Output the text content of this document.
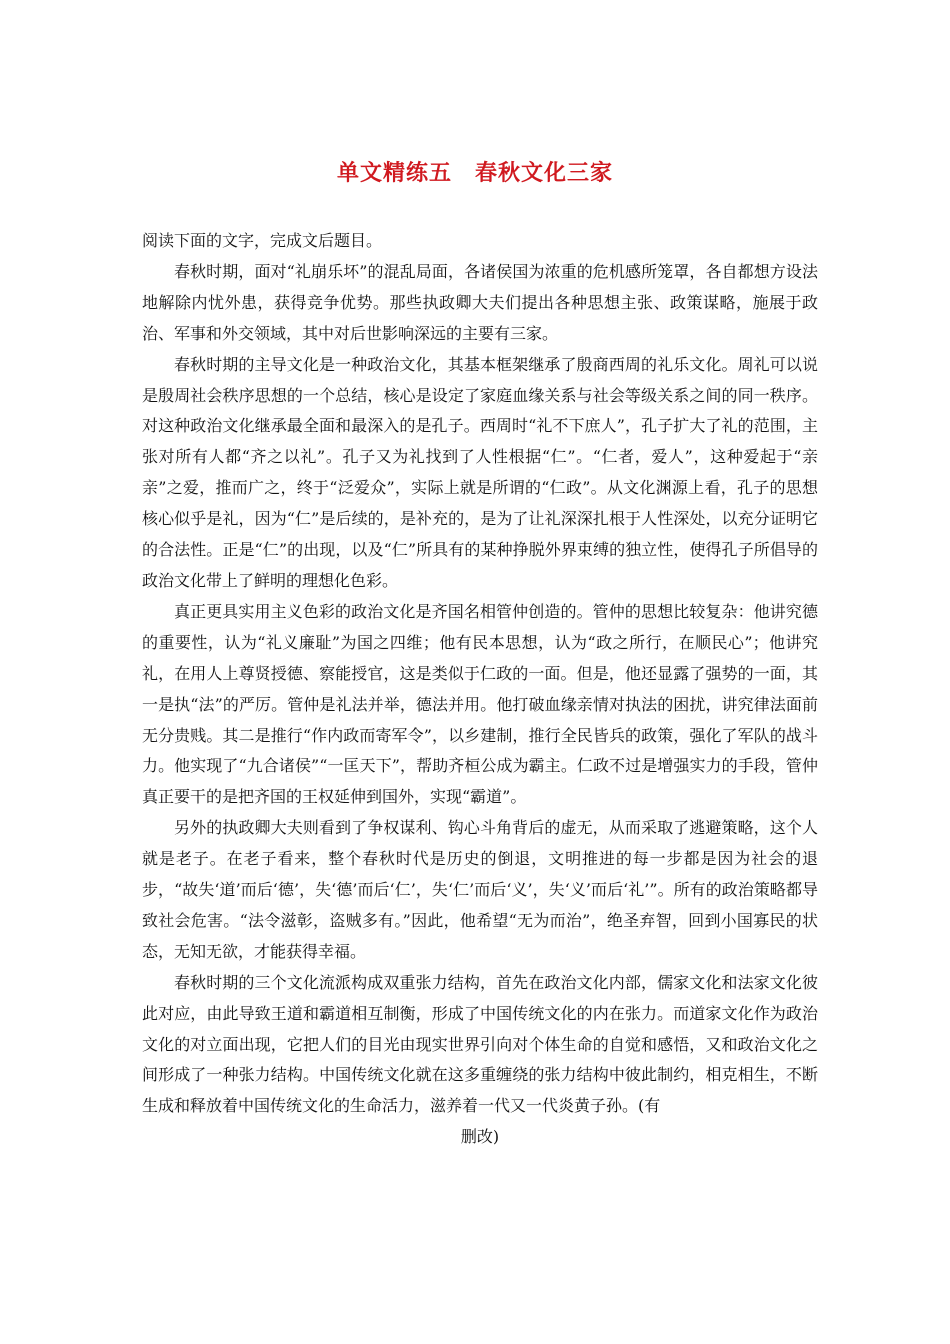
单文精练五　春秋文化三家

阅读下面的文字，完成文后题目。

春秋时期，面对“礼崩乐坏”的混乱局面，各诸侯国为浓重的危机感所笼罩，各自都想方设法地解除内忧外患，获得竞争优势。那些执政卿大夫们提出各种思想主张、政策谋略，施展于政治、军事和外交领域，其中对后世影响深远的主要有三家。

春秋时期的主导文化是一种政治文化，其基本框架继承了殷商西周的礼乐文化。周礼可以说是殷周社会秩序思想的一个总结，核心是设定了家庭血缘关系与社会等级关系之间的同一秩序。对这种政治文化继承最全面和最深入的是孔子。西周时“礼不下庶人”，孔子扩大了礼的范围，主张对所有人都“齐之以礼”。孔子又为礼找到了人性根据“仁”。“仁者，爱人”，这种爱起于“亲亲”之爱，推而广之，终于“泛爱众”，实际上就是所谓的“仁政”。从文化渊源上看，孔子的思想核心似乎是礼，因为“仁”是后续的，是补充的，是为了让礼深深扎根于人性深处，以充分证明它的合法性。正是“仁”的出现，以及“仁”所具有的某种挣脱外界束缚的独立性，使得孔子所倡导的政治文化带上了鲜明的理想化色彩。

真正更具实用主义色彩的政治文化是齐国名相管仲创造的。管仲的思想比较复杂：他讲究德的重要性，认为“礼义廉耻”为国之四维；他有民本思想，认为“政之所行，在顺民心”；他讲究礼，在用人上尊贤授德、察能授官，这是类似于仁政的一面。但是，他还显露了强势的一面，其一是执“法”的严厉。管仲是礼法并举，德法并用。他打破血缘亲情对执法的困扰，讲究律法面前无分贵贱。其二是推行“作内政而寄军令”，以乡建制，推行全民皆兵的政策，强化了军队的战斗力。他实现了“九合诸侯”“一匡天下”，帮助齐桓公成为霸主。仁政不过是增强实力的手段，管仲真正要干的是把齐国的王权延伸到国外，实现“霸道”。

另外的执政卿大夫则看到了争权谋利、钩心斗角背后的虚无，从而采取了逃避策略，这个人就是老子。在老子看来，整个春秋时代是历史的倒退，文明推进的每一步都是因为社会的退步，“故失‘道’而后‘德’，失‘德’而后‘仁’，失‘仁’而后‘义’，失‘义’而后‘礼’”。所有的政治策略都导致社会危害。“法令滋彰，盗贼多有。”因此，他希望“无为而治”，绝圣弃智，回到小国寡民的状态，无知无欲，才能获得幸福。

春秋时期的三个文化流派构成双重张力结构，首先在政治文化内部，儒家文化和法家文化彼此对应，由此导致王道和霸道相互制衡，形成了中国传统文化的内在张力。而道家文化作为政治文化的对立面出现，它把人们的目光由现实世界引向对个体生命的自觉和感悟，又和政治文化之间形成了一种张力结构。中国传统文化就在这多重缠绕的张力结构中彼此制约，相克相生，不断生成和释放着中国传统文化的生命活力，滋养着一代又一代炎黄子孙。(有

删改)
